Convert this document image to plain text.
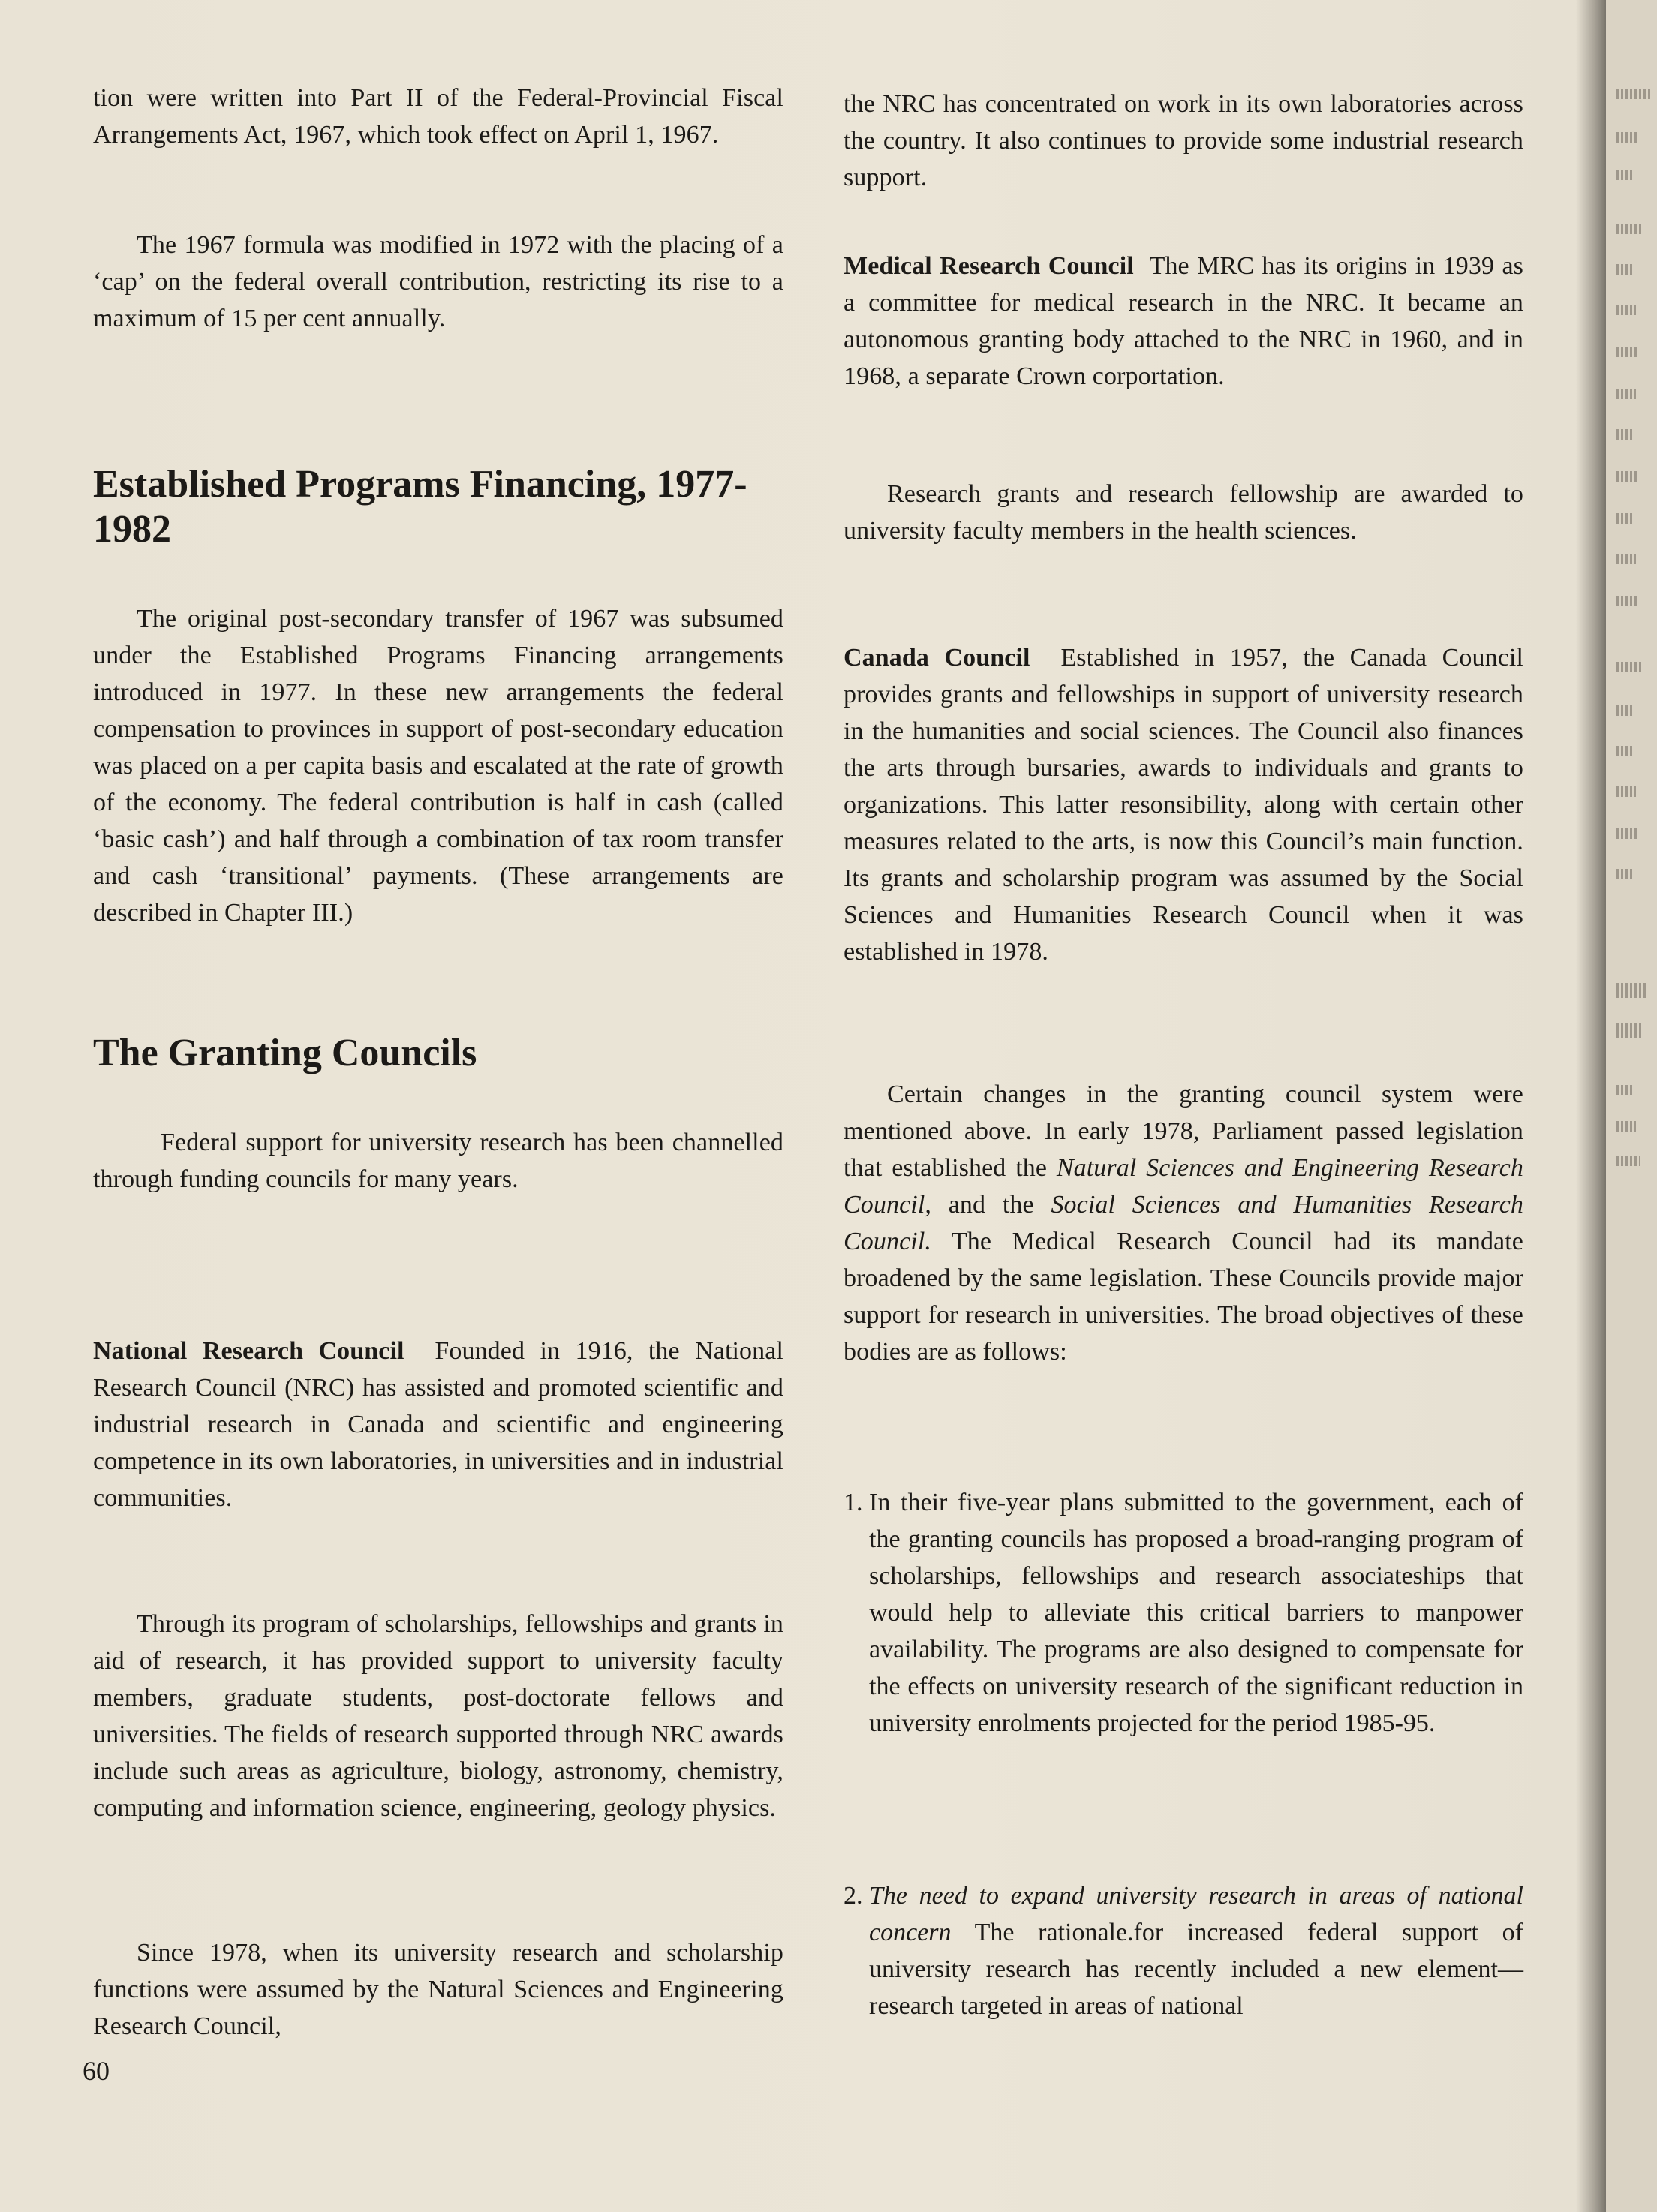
tion were written into Part II of the Federal-Provincial Fiscal Arrangements Act, 1967, which took effect on April 1, 1967.

The 1967 formula was modified in 1972 with the placing of a ‘cap’ on the federal overall contribution, restricting its rise to a maximum of 15 per cent annually.

Established Programs Financing, 1977-1982

The original post-secondary transfer of 1967 was subsumed under the Established Programs Financing arrangements introduced in 1977. In these new arrangements the federal compensation to provinces in support of post-secondary education was placed on a per capita basis and escalated at the rate of growth of the economy. The federal contribution is half in cash (called ‘basic cash’) and half through a combination of tax room transfer and cash ‘transitional’ payments. (These arrangements are described in Chapter III.)

The Granting Councils

Federal support for university research has been channelled through funding councils for many years.

National Research Council Founded in 1916, the National Research Council (NRC) has assisted and promoted scientific and industrial research in Canada and scientific and engineering competence in its own laboratories, in universities and in industrial communities.

Through its program of scholarships, fellowships and grants in aid of research, it has provided support to university faculty members, graduate students, post-doctorate fellows and universities. The fields of research supported through NRC awards include such areas as agriculture, biology, astronomy, chemistry, computing and information science, engineering, geology physics.

Since 1978, when its university research and scholarship functions were assumed by the Natural Sciences and Engineering Research Council,

the NRC has concentrated on work in its own laboratories across the country. It also continues to provide some industrial research support.

Medical Research Council The MRC has its origins in 1939 as a committee for medical research in the NRC. It became an autonomous granting body attached to the NRC in 1960, and in 1968, a separate Crown corportation.

Research grants and research fellowship are awarded to university faculty members in the health sciences.

Canada Council Established in 1957, the Canada Council provides grants and fellowships in support of university research in the humanities and social sciences. The Council also finances the arts through bursaries, awards to individuals and grants to organizations. This latter resonsibility, along with certain other measures related to the arts, is now this Council’s main function. Its grants and scholarship program was assumed by the Social Sciences and Humanities Research Council when it was established in 1978.

Certain changes in the granting council system were mentioned above. In early 1978, Parliament passed legislation that established the Natural Sciences and Engineering Research Council, and the Social Sciences and Humanities Research Council. The Medical Research Council had its mandate broadened by the same legislation. These Councils provide major support for research in universities. The broad objectives of these bodies are as follows:

1. In their five-year plans submitted to the government, each of the granting councils has proposed a broad-ranging program of scholarships, fellowships and research associateships that would help to alleviate this critical barriers to manpower availability. The programs are also designed to compensate for the effects on university research of the significant reduction in university enrolments projected for the period 1985-95.
2. The need to expand university research in areas of national concern The rationale.for increased federal support of university research has recently included a new element—research targeted in areas of national
60
